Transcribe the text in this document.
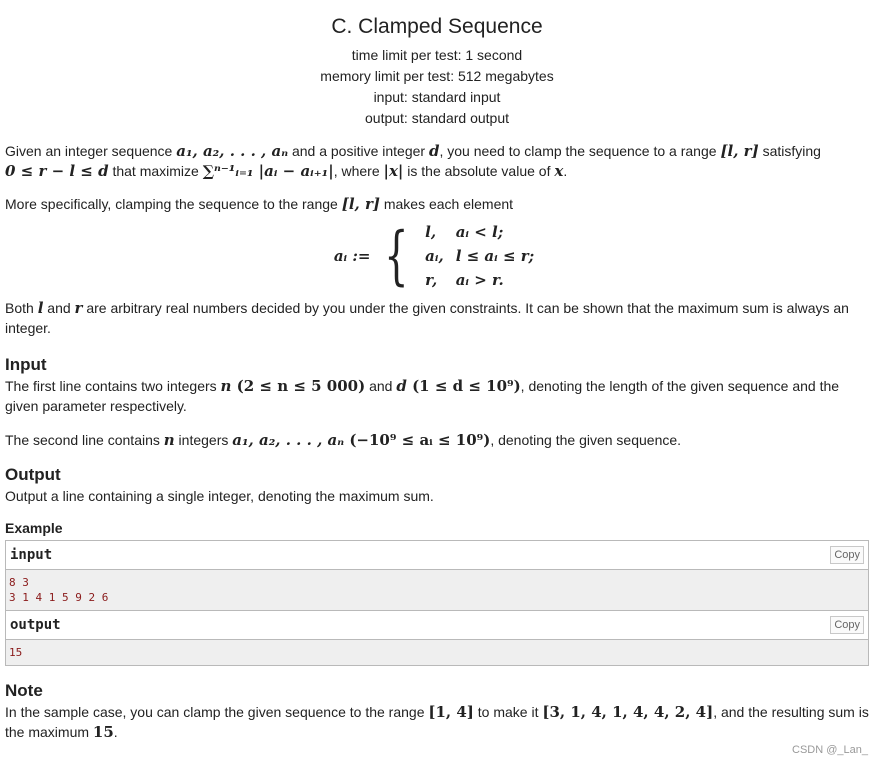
C. Clamped Sequence
time limit per test: 1 second
memory limit per test: 512 megabytes
input: standard input
output: standard output

Given an integer sequence a₁, a₂, . . . , aₙ and a positive integer d, you need to clamp the sequence to a range [l, r] satisfying
0 ≤ r − l ≤ d that maximize ∑ⁿ⁻¹ᵢ₌₁ |aᵢ − aᵢ₊₁|, where |x| is the absolute value of x.

More specifically, clamping the sequence to the range [l, r] makes each element

aᵢ := { l,	aᵢ < l;
aᵢ,	l ≤ aᵢ ≤ r;
r,	aᵢ > r.

Both l and r are arbitrary real numbers decided by you under the given constraints. It can be shown that the maximum sum is always an integer.

Input

The first line contains two integers n (2 ≤ n ≤ 5 000) and d (1 ≤ d ≤ 10⁹), denoting the length of the given sequence and the given parameter respectively.

The second line contains n integers a₁, a₂, . . . , aₙ (−10⁹ ≤ aᵢ ≤ 10⁹), denoting the given sequence.

Output

Output a line containing a single integer, denoting the maximum sum.

Example
input	Copy
8 3
3 1 4 1 5 9 2 6
output	Copy
15
Note

In the sample case, you can clamp the given sequence to the range [1, 4] to make it [3, 1, 4, 1, 4, 4, 2, 4], and the resulting sum is the maximum 15.

CSDN @_Lan_
